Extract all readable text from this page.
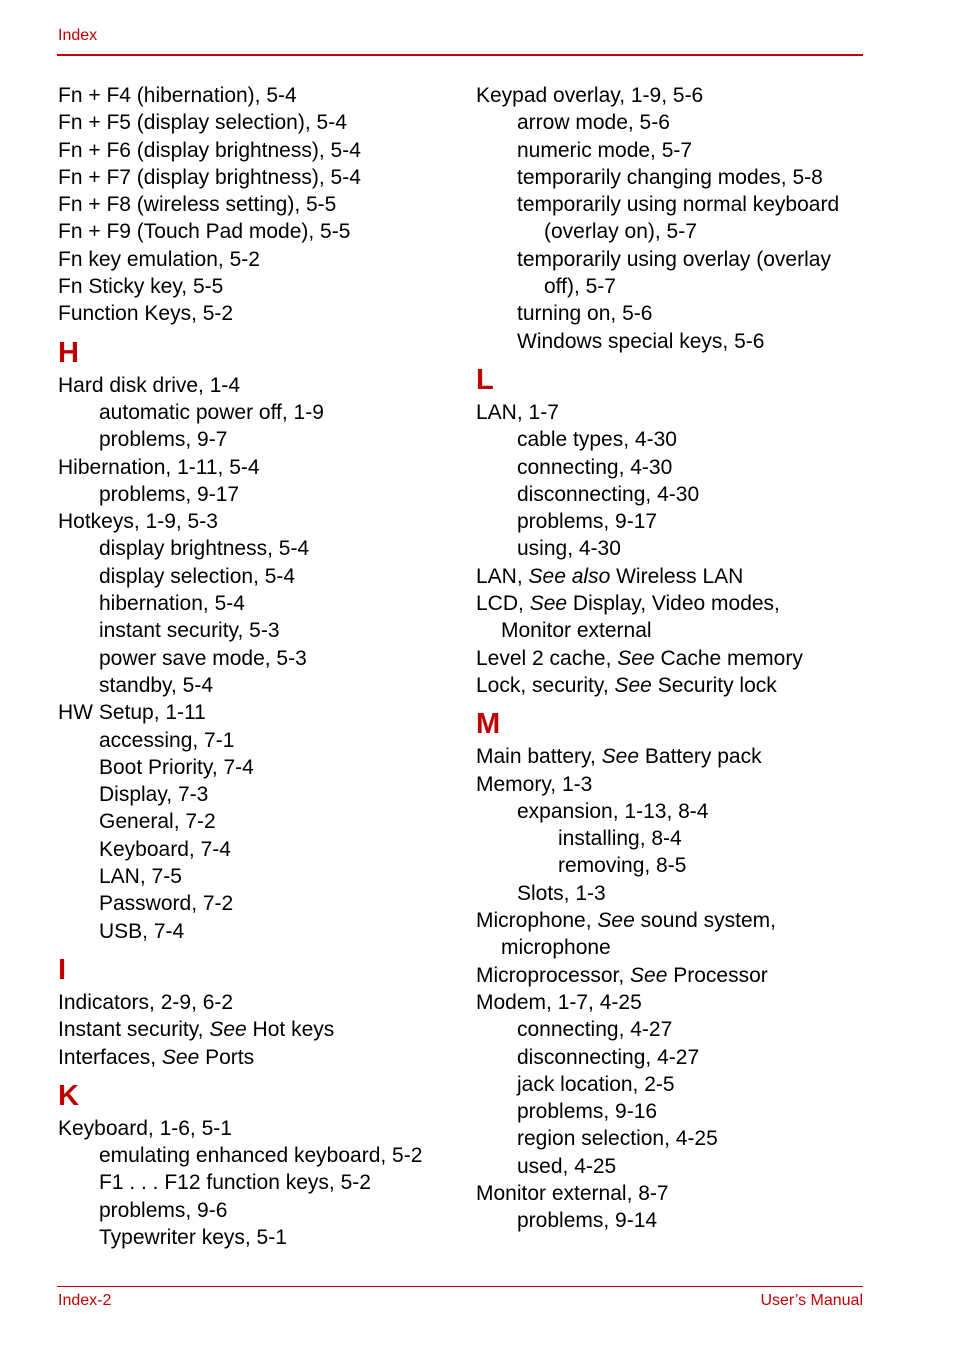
Index
Fn + F4 (hibernation), 5-4
Fn + F5 (display selection), 5-4
Fn + F6 (display brightness), 5-4
Fn + F7 (display brightness), 5-4
Fn + F8 (wireless setting), 5-5
Fn + F9 (Touch Pad mode), 5-5
Fn key emulation, 5-2
Fn Sticky key, 5-5
Function Keys, 5-2
H
Hard disk drive, 1-4
automatic power off, 1-9
problems, 9-7
Hibernation, 1-11, 5-4
problems, 9-17
Hotkeys, 1-9, 5-3
display brightness, 5-4
display selection, 5-4
hibernation, 5-4
instant security, 5-3
power save mode, 5-3
standby, 5-4
HW Setup, 1-11
accessing, 7-1
Boot Priority, 7-4
Display, 7-3
General, 7-2
Keyboard, 7-4
LAN, 7-5
Password, 7-2
USB, 7-4
I
Indicators, 2-9, 6-2
Instant security, See Hot keys
Interfaces, See Ports
K
Keyboard, 1-6, 5-1
emulating enhanced keyboard, 5-2
F1 . . . F12 function keys, 5-2
problems, 9-6
Typewriter keys, 5-1
Keypad overlay, 1-9, 5-6
arrow mode, 5-6
numeric mode, 5-7
temporarily changing modes, 5-8
temporarily using normal keyboard
(overlay on), 5-7
temporarily using overlay (overlay
off), 5-7
turning on, 5-6
Windows special keys, 5-6
L
LAN, 1-7
cable types, 4-30
connecting, 4-30
disconnecting, 4-30
problems, 9-17
using, 4-30
LAN, See also Wireless LAN
LCD, See Display, Video modes,
Monitor external
Level 2 cache, See Cache memory
Lock, security, See Security lock
M
Main battery, See Battery pack
Memory, 1-3
expansion, 1-13, 8-4
installing, 8-4
removing, 8-5
Slots, 1-3
Microphone, See sound system,
microphone
Microprocessor, See Processor
Modem, 1-7, 4-25
connecting, 4-27
disconnecting, 4-27
jack location, 2-5
problems, 9-16
region selection, 4-25
used, 4-25
Monitor external, 8-7
problems, 9-14
Index-2	User’s Manual
